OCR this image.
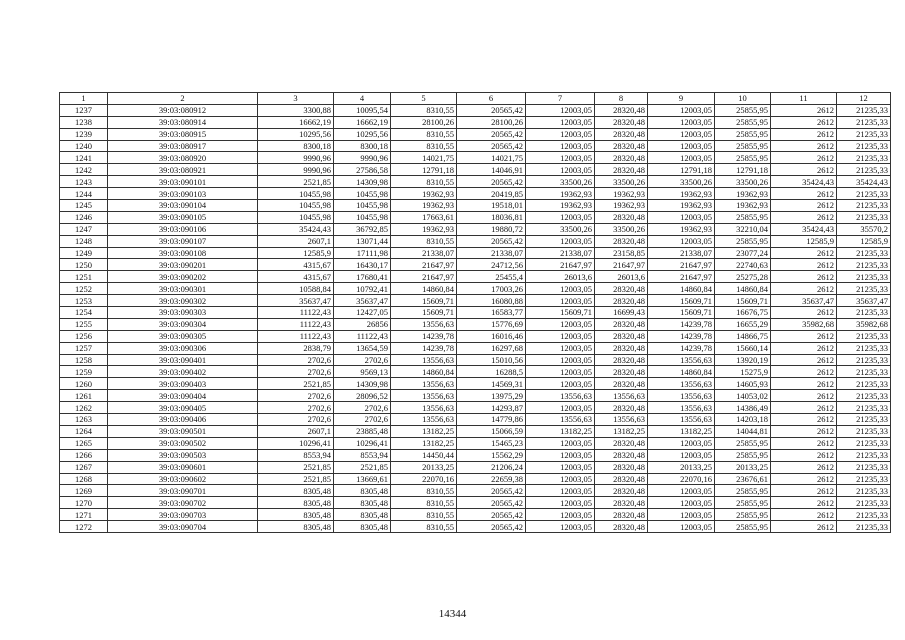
1	2	3	4	5	6	7	8	9	10	11	12
1237	39:03:080912	3300,88	10095,54	8310,55	20565,42	12003,05	28320,48	12003,05	25855,95	2612	21235,33
1238	39:03:080914	16662,19	16662,19	28100,26	28100,26	12003,05	28320,48	12003,05	25855,95	2612	21235,33
1239	39:03:080915	10295,56	10295,56	8310,55	20565,42	12003,05	28320,48	12003,05	25855,95	2612	21235,33
1240	39:03:080917	8300,18	8300,18	8310,55	20565,42	12003,05	28320,48	12003,05	25855,95	2612	21235,33
1241	39:03:080920	9990,96	9990,96	14021,75	14021,75	12003,05	28320,48	12003,05	25855,95	2612	21235,33
1242	39:03:080921	9990,96	27586,58	12791,18	14046,91	12003,05	28320,48	12791,18	12791,18	2612	21235,33
1243	39:03:090101	2521,85	14309,98	8310,55	20565,42	33500,26	33500,26	33500,26	33500,26	35424,43	35424,43
1244	39:03:090103	10455,98	10455,98	19362,93	20419,85	19362,93	19362,93	19362,93	19362,93	2612	21235,33
1245	39:03:090104	10455,98	10455,98	19362,93	19518,01	19362,93	19362,93	19362,93	19362,93	2612	21235,33
1246	39:03:090105	10455,98	10455,98	17663,61	18036,81	12003,05	28320,48	12003,05	25855,95	2612	21235,33
1247	39:03:090106	35424,43	36792,85	19362,93	19880,72	33500,26	33500,26	19362,93	32210,04	35424,43	35570,2
1248	39:03:090107	2607,1	13071,44	8310,55	20565,42	12003,05	28320,48	12003,05	25855,95	12585,9	12585,9
1249	39:03:090108	12585,9	17111,98	21338,07	21338,07	21338,07	23158,85	21338,07	23077,24	2612	21235,33
1250	39:03:090201	4315,67	16430,17	21647,97	24712,56	21647,97	21647,97	21647,97	22740,63	2612	21235,33
1251	39:03:090202	4315,67	17680,41	21647,97	25455,4	26013,6	26013,6	21647,97	25275,28	2612	21235,33
1252	39:03:090301	10588,84	10792,41	14860,84	17003,26	12003,05	28320,48	14860,84	14860,84	2612	21235,33
1253	39:03:090302	35637,47	35637,47	15609,71	16080,88	12003,05	28320,48	15609,71	15609,71	35637,47	35637,47
1254	39:03:090303	11122,43	12427,05	15609,71	16583,77	15609,71	16699,43	15609,71	16676,75	2612	21235,33
1255	39:03:090304	11122,43	26856	13556,63	15776,69	12003,05	28320,48	14239,78	16655,29	35982,68	35982,68
1256	39:03:090305	11122,43	11122,43	14239,78	16016,46	12003,05	28320,48	14239,78	14866,75	2612	21235,33
1257	39:03:090306	2838,79	13654,59	14239,78	16297,68	12003,05	28320,48	14239,78	15660,14	2612	21235,33
1258	39:03:090401	2702,6	2702,6	13556,63	15010,56	12003,05	28320,48	13556,63	13920,19	2612	21235,33
1259	39:03:090402	2702,6	9569,13	14860,84	16288,5	12003,05	28320,48	14860,84	15275,9	2612	21235,33
1260	39:03:090403	2521,85	14309,98	13556,63	14569,31	12003,05	28320,48	13556,63	14605,93	2612	21235,33
1261	39:03:090404	2702,6	28096,52	13556,63	13975,29	13556,63	13556,63	13556,63	14053,02	2612	21235,33
1262	39:03:090405	2702,6	2702,6	13556,63	14293,87	12003,05	28320,48	13556,63	14386,49	2612	21235,33
1263	39:03:090406	2702,6	2702,6	13556,63	14779,86	13556,63	13556,63	13556,63	14203,18	2612	21235,33
1264	39:03:090501	2607,1	23885,48	13182,25	15066,59	13182,25	13182,25	13182,25	14044,81	2612	21235,33
1265	39:03:090502	10296,41	10296,41	13182,25	15465,23	12003,05	28320,48	12003,05	25855,95	2612	21235,33
1266	39:03:090503	8553,94	8553,94	14450,44	15562,29	12003,05	28320,48	12003,05	25855,95	2612	21235,33
1267	39:03:090601	2521,85	2521,85	20133,25	21206,24	12003,05	28320,48	20133,25	20133,25	2612	21235,33
1268	39:03:090602	2521,85	13669,61	22070,16	22659,38	12003,05	28320,48	22070,16	23676,61	2612	21235,33
1269	39:03:090701	8305,48	8305,48	8310,55	20565,42	12003,05	28320,48	12003,05	25855,95	2612	21235,33
1270	39:03:090702	8305,48	8305,48	8310,55	20565,42	12003,05	28320,48	12003,05	25855,95	2612	21235,33
1271	39:03:090703	8305,48	8305,48	8310,55	20565,42	12003,05	28320,48	12003,05	25855,95	2612	21235,33
1272	39:03:090704	8305,48	8305,48	8310,55	20565,42	12003,05	28320,48	12003,05	25855,95	2612	21235,33
14344
